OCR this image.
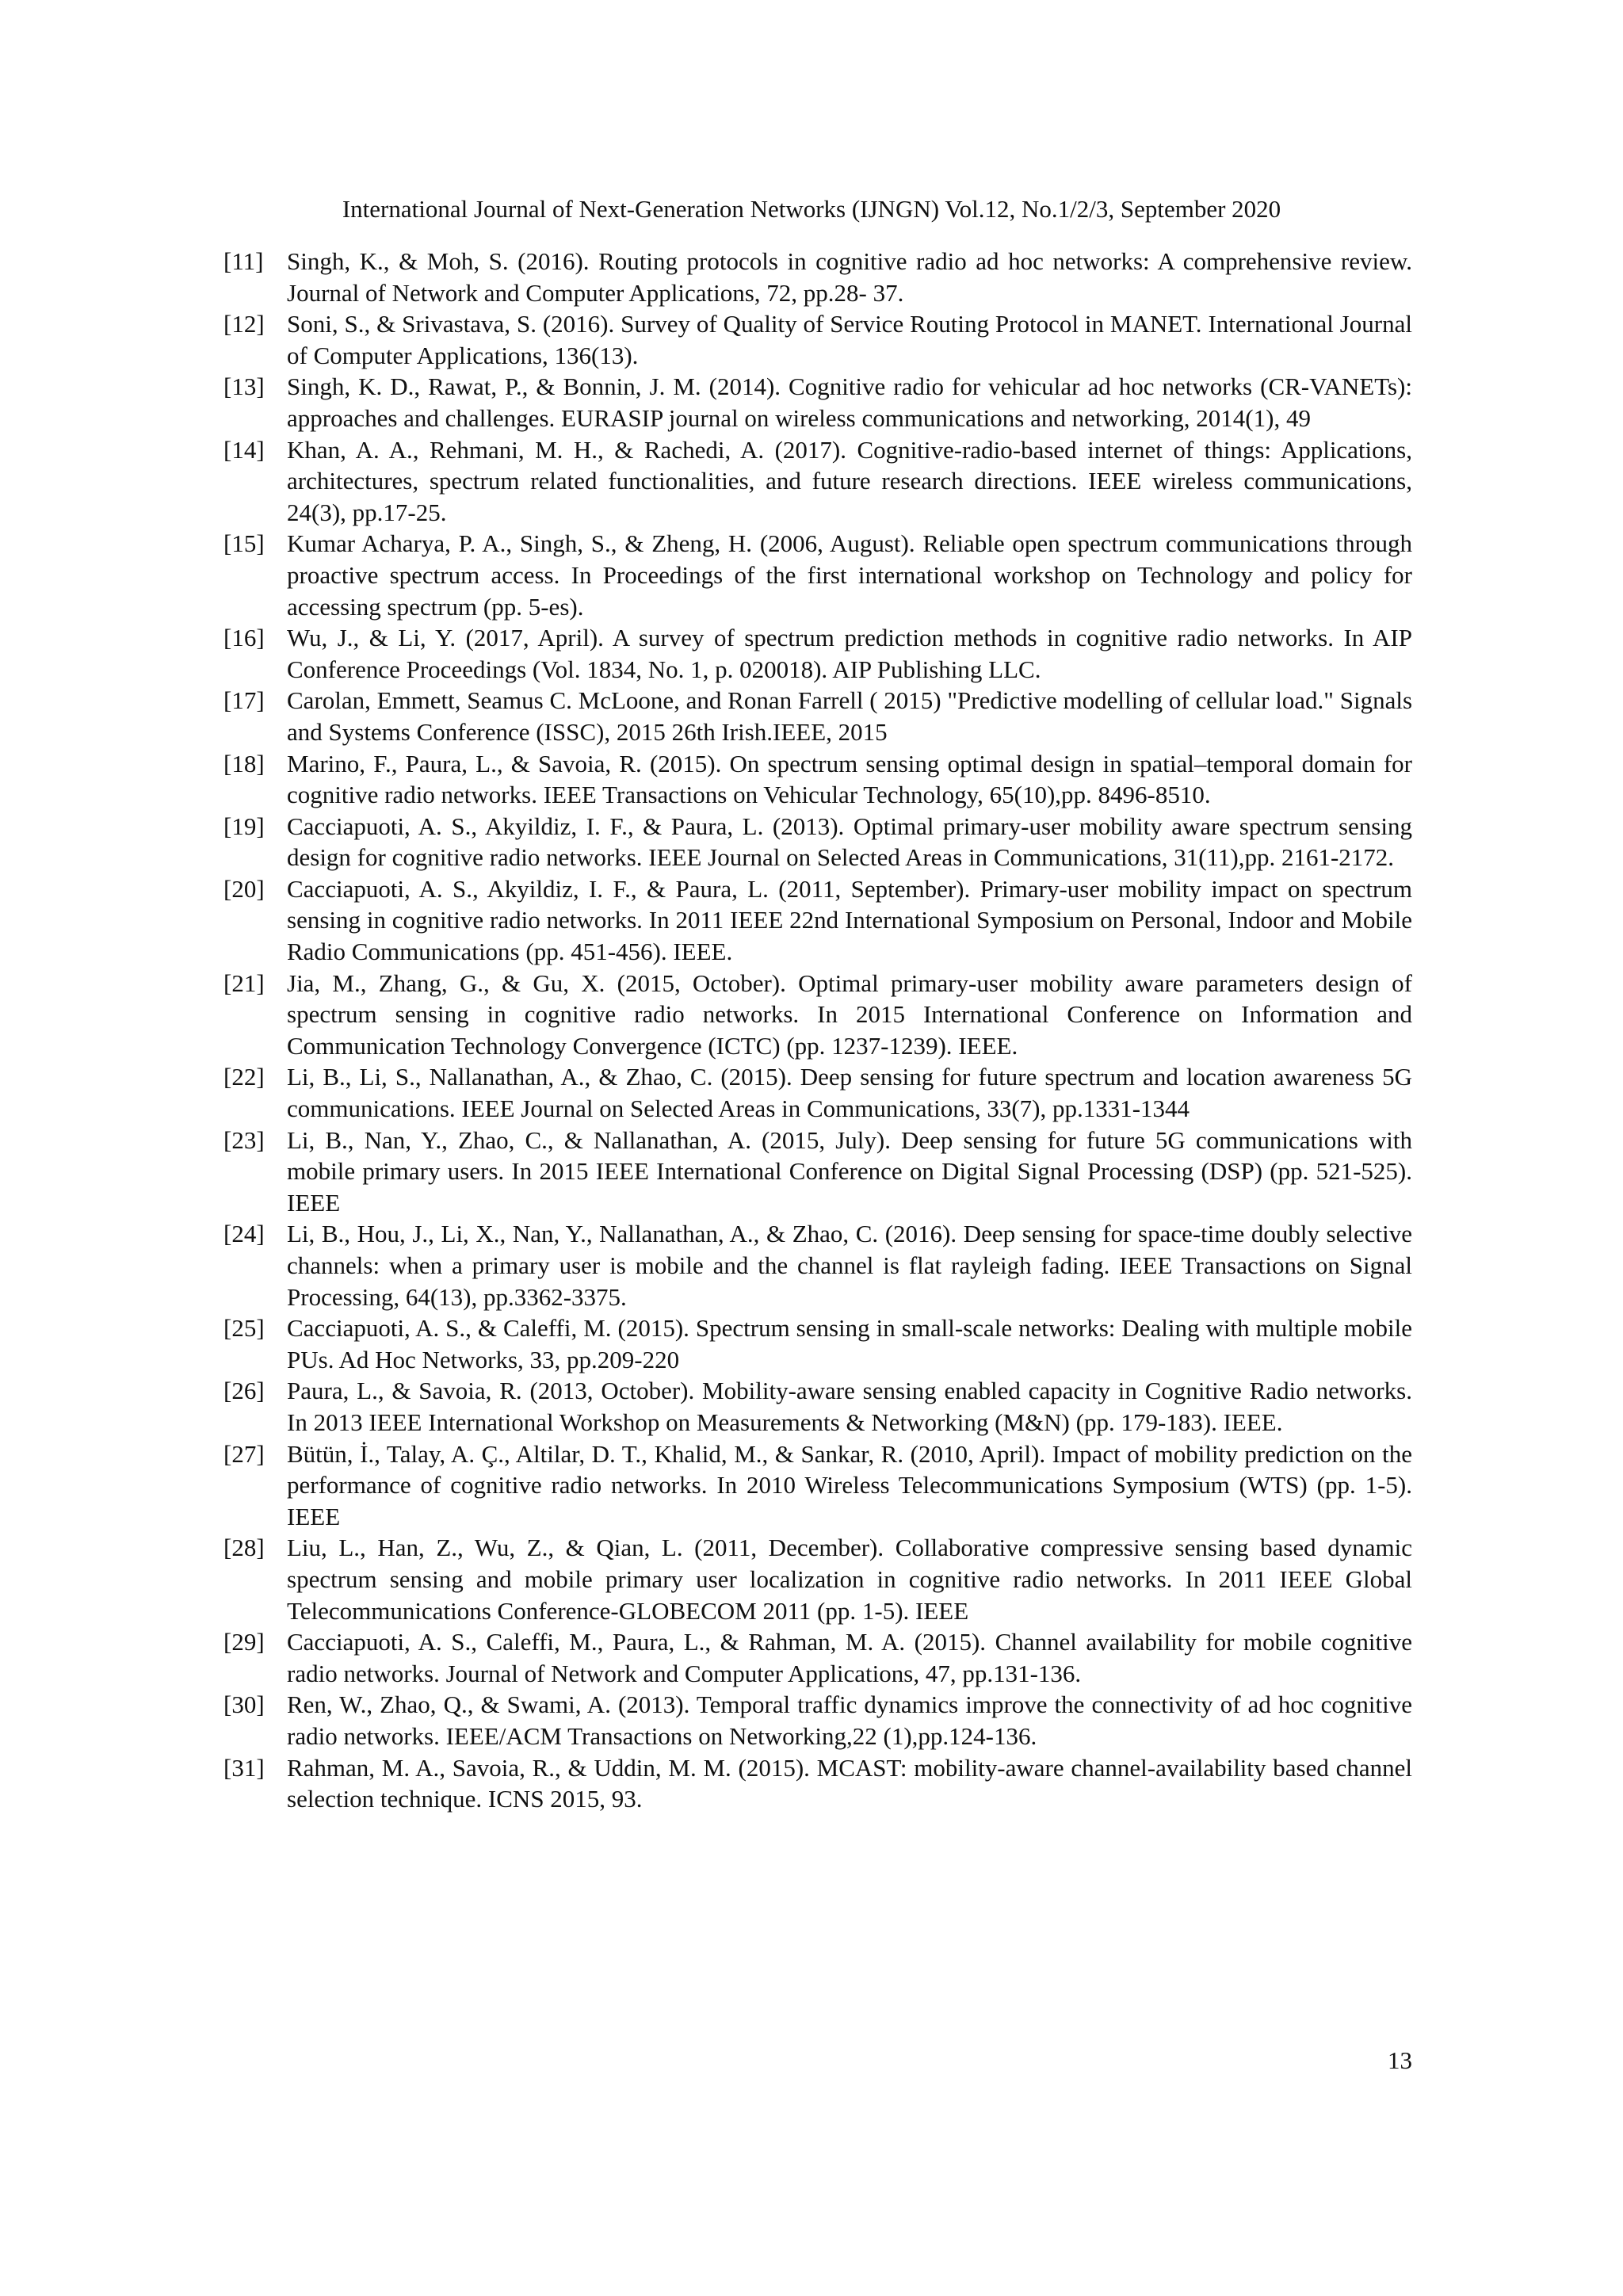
International Journal of Next-Generation Networks (IJNGN) Vol.12, No.1/2/3, September 2020
[11] Singh, K., & Moh, S. (2016). Routing protocols in cognitive radio ad hoc networks: A comprehensive review. Journal of Network and Computer Applications, 72, pp.28- 37.
[12] Soni, S., & Srivastava, S. (2016). Survey of Quality of Service Routing Protocol in MANET. International Journal of Computer Applications, 136(13).
[13] Singh, K. D., Rawat, P., & Bonnin, J. M. (2014). Cognitive radio for vehicular ad hoc networks (CR-VANETs): approaches and challenges. EURASIP journal on wireless communications and networking, 2014(1), 49
[14] Khan, A. A., Rehmani, M. H., & Rachedi, A. (2017). Cognitive-radio-based internet of things: Applications, architectures, spectrum related functionalities, and future research directions. IEEE wireless communications, 24(3), pp.17-25.
[15] Kumar Acharya, P. A., Singh, S., & Zheng, H. (2006, August). Reliable open spectrum communications through proactive spectrum access. In Proceedings of the first international workshop on Technology and policy for accessing spectrum (pp. 5-es).
[16] Wu, J., & Li, Y. (2017, April). A survey of spectrum prediction methods in cognitive radio networks. In AIP Conference Proceedings (Vol. 1834, No. 1, p. 020018). AIP Publishing LLC.
[17] Carolan, Emmett, Seamus C. McLoone, and Ronan Farrell ( 2015) "Predictive modelling of cellular load." Signals and Systems Conference (ISSC), 2015 26th Irish.IEEE, 2015
[18] Marino, F., Paura, L., & Savoia, R. (2015). On spectrum sensing optimal design in spatial–temporal domain for cognitive radio networks. IEEE Transactions on Vehicular Technology, 65(10),pp. 8496-8510.
[19] Cacciapuoti, A. S., Akyildiz, I. F., & Paura, L. (2013). Optimal primary-user mobility aware spectrum sensing design for cognitive radio networks. IEEE Journal on Selected Areas in Communications, 31(11),pp. 2161-2172.
[20] Cacciapuoti, A. S., Akyildiz, I. F., & Paura, L. (2011, September). Primary-user mobility impact on spectrum sensing in cognitive radio networks. In 2011 IEEE 22nd International Symposium on Personal, Indoor and Mobile Radio Communications (pp. 451-456). IEEE.
[21] Jia, M., Zhang, G., & Gu, X. (2015, October). Optimal primary-user mobility aware parameters design of spectrum sensing in cognitive radio networks. In 2015 International Conference on Information and Communication Technology Convergence (ICTC) (pp. 1237-1239). IEEE.
[22] Li, B., Li, S., Nallanathan, A., & Zhao, C. (2015). Deep sensing for future spectrum and location awareness 5G communications. IEEE Journal on Selected Areas in Communications, 33(7), pp.1331-1344
[23] Li, B., Nan, Y., Zhao, C., & Nallanathan, A. (2015, July). Deep sensing for future 5G communications with mobile primary users. In 2015 IEEE International Conference on Digital Signal Processing (DSP) (pp. 521-525). IEEE
[24] Li, B., Hou, J., Li, X., Nan, Y., Nallanathan, A., & Zhao, C. (2016). Deep sensing for space-time doubly selective channels: when a primary user is mobile and the channel is flat rayleigh fading. IEEE Transactions on Signal Processing, 64(13), pp.3362-3375.
[25] Cacciapuoti, A. S., & Caleffi, M. (2015). Spectrum sensing in small-scale networks: Dealing with multiple mobile PUs. Ad Hoc Networks, 33, pp.209-220
[26] Paura, L., & Savoia, R. (2013, October). Mobility-aware sensing enabled capacity in Cognitive Radio networks. In 2013 IEEE International Workshop on Measurements & Networking (M&N) (pp. 179-183). IEEE.
[27] Bütün, İ., Talay, A. Ç., Altilar, D. T., Khalid, M., & Sankar, R. (2010, April). Impact of mobility prediction on the performance of cognitive radio networks. In 2010 Wireless Telecommunications Symposium (WTS) (pp. 1-5). IEEE
[28] Liu, L., Han, Z., Wu, Z., & Qian, L. (2011, December). Collaborative compressive sensing based dynamic spectrum sensing and mobile primary user localization in cognitive radio networks. In 2011 IEEE Global Telecommunications Conference-GLOBECOM 2011 (pp. 1-5). IEEE
[29] Cacciapuoti, A. S., Caleffi, M., Paura, L., & Rahman, M. A. (2015). Channel availability for mobile cognitive radio networks. Journal of Network and Computer Applications, 47, pp.131-136.
[30] Ren, W., Zhao, Q., & Swami, A. (2013). Temporal traffic dynamics improve the connectivity of ad hoc cognitive radio networks. IEEE/ACM Transactions on Networking,22 (1),pp.124-136.
[31] Rahman, M. A., Savoia, R., & Uddin, M. M. (2015). MCAST: mobility-aware channel-availability based channel selection technique. ICNS 2015, 93.
13
